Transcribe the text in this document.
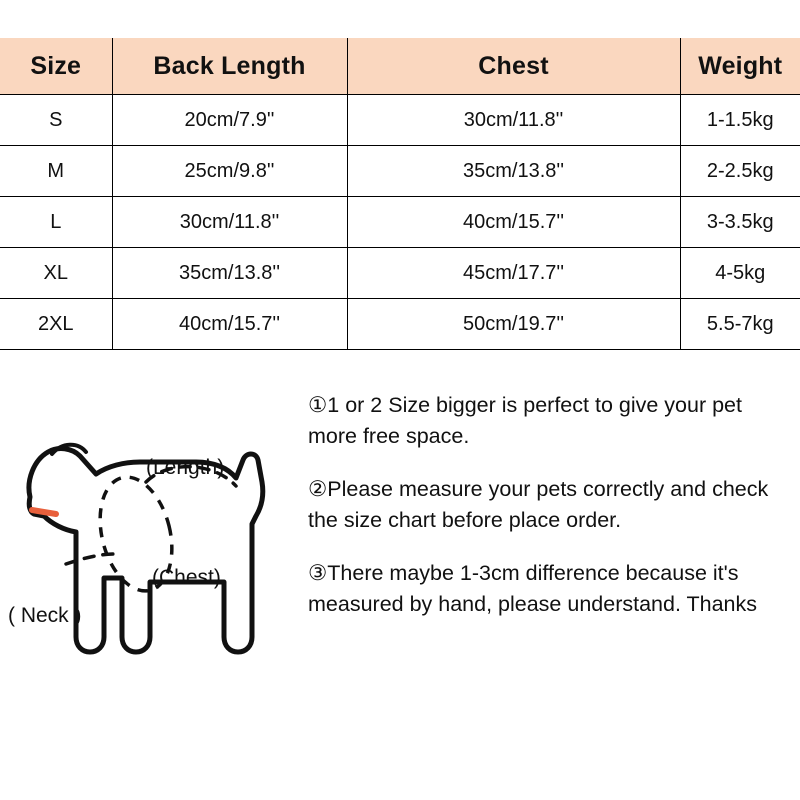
Size	Back Length	Chest	Weight
S	20cm/7.9''	30cm/11.8''	1-1.5kg
M	25cm/9.8''	35cm/13.8''	2-2.5kg
L	30cm/11.8''	40cm/15.7''	3-3.5kg
XL	35cm/13.8''	45cm/17.7''	4-5kg
2XL	40cm/15.7''	50cm/19.7''	5.5-7kg
(Length)
(Chest)
( Neck )
①1 or 2 Size bigger is perfect to give your pet more free space.
②Please measure your pets correctly and check the size chart before place order.
③There maybe 1-3cm difference because it's measured by hand, please understand. Thanks
